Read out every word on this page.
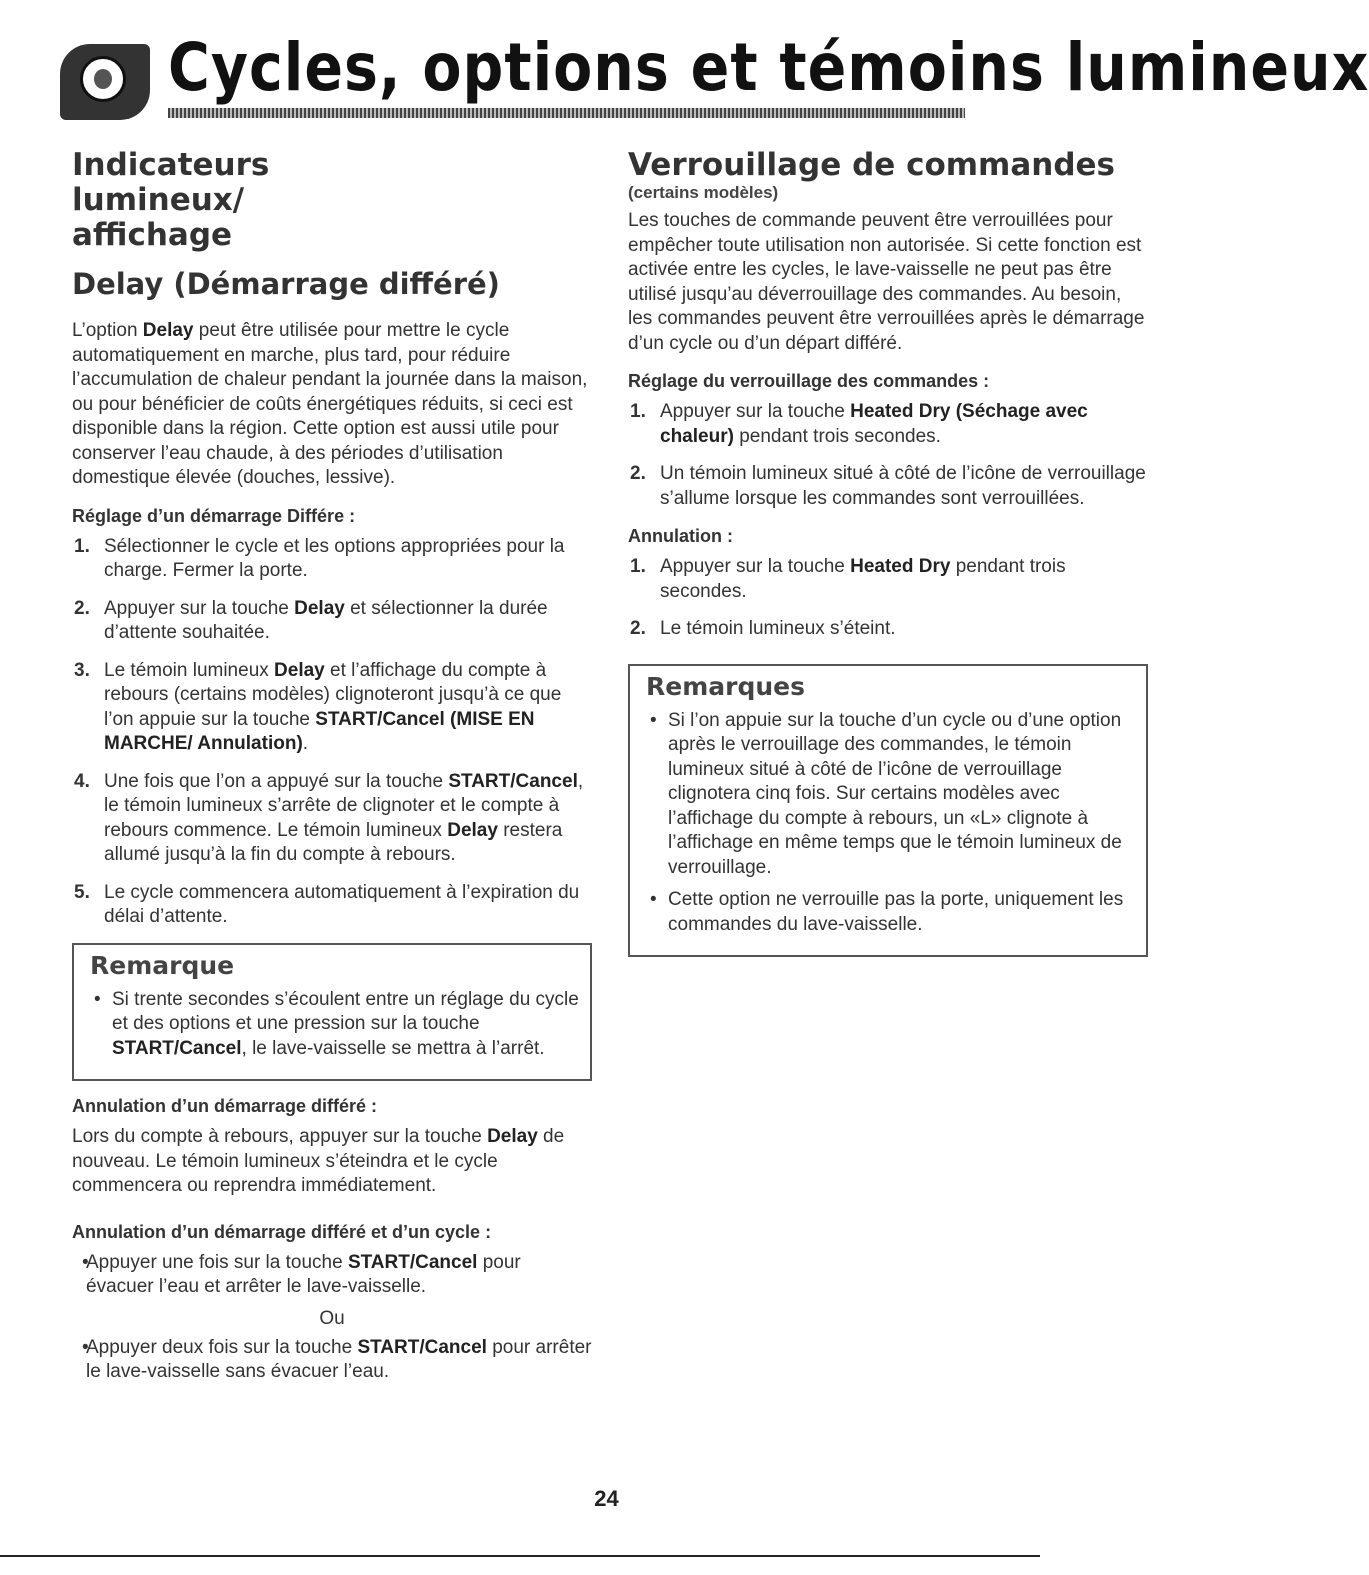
Cycles, options et témoins lumineux
Indicateurs lumineux/ affichage
Delay (Démarrage différé)

L’option Delay peut être utilisée pour mettre le cycle automatiquement en marche, plus tard, pour réduire l’accumulation de chaleur pendant la journée dans la maison, ou pour bénéficier de coûts énergétiques réduits, si ceci est disponible dans la région. Cette option est aussi utile pour conserver l’eau chaude, à des périodes d’utilisation domestique élevée (douches, lessive).

Réglage d’un démarrage Différe :
1. Sélectionner le cycle et les options appropriées pour la charge. Fermer la porte.
2. Appuyer sur la touche Delay et sélectionner la durée d’attente souhaitée.
3. Le témoin lumineux Delay et l’affichage du compte à rebours (certains modèles) clignoteront jusqu’à ce que l’on appuie sur la touche START/Cancel (MISE EN MARCHE/ Annulation).
4. Une fois que l’on a appuyé sur la touche START/Cancel, le témoin lumineux s’arrête de clignoter et le compte à rebours commence. Le témoin lumineux Delay restera allumé jusqu’à la fin du compte à rebours.
5. Le cycle commencera automatiquement à l’expiration du délai d’attente.
Remarque
• Si trente secondes s’écoulent entre un réglage du cycle et des options et une pression sur la touche START/Cancel, le lave-vaisselle se mettra à l’arrêt.
Annulation d’un démarrage différé :

Lors du compte à rebours, appuyer sur la touche Delay de nouveau. Le témoin lumineux s’éteindra et le cycle commencera ou reprendra immédiatement.

Annulation d’un démarrage différé et d’un cycle :
• Appuyer une fois sur la touche START/Cancel pour évacuer l’eau et arrêter le lave-vaisselle.
Ou
• Appuyer deux fois sur la touche START/Cancel pour arrêter le lave-vaisselle sans évacuer l’eau.
Verrouillage de commandes
(certains modèles)

Les touches de commande peuvent être verrouillées pour empêcher toute utilisation non autorisée. Si cette fonction est activée entre les cycles, le lave-vaisselle ne peut pas être utilisé jusqu’au déverrouillage des commandes. Au besoin, les commandes peuvent être verrouillées après le démarrage d’un cycle ou d’un départ différé.

Réglage du verrouillage des commandes :
1. Appuyer sur la touche Heated Dry (Séchage avec chaleur) pendant trois secondes.
2. Un témoin lumineux situé à côté de l’icône de verrouillage s’allume lorsque les commandes sont verrouillées.
Annulation :
1. Appuyer sur la touche Heated Dry pendant trois secondes.
2. Le témoin lumineux s’éteint.
Remarques
• Si l’on appuie sur la touche d’un cycle ou d’une option après le verrouillage des commandes, le témoin lumineux situé à côté de l’icône de verrouillage clignotera cinq fois. Sur certains modèles avec l’affichage du compte à rebours, un «L» clignote à l’affichage en même temps que le témoin lumineux de verrouillage.
• Cette option ne verrouille pas la porte, uniquement les commandes du lave-vaisselle.
24
